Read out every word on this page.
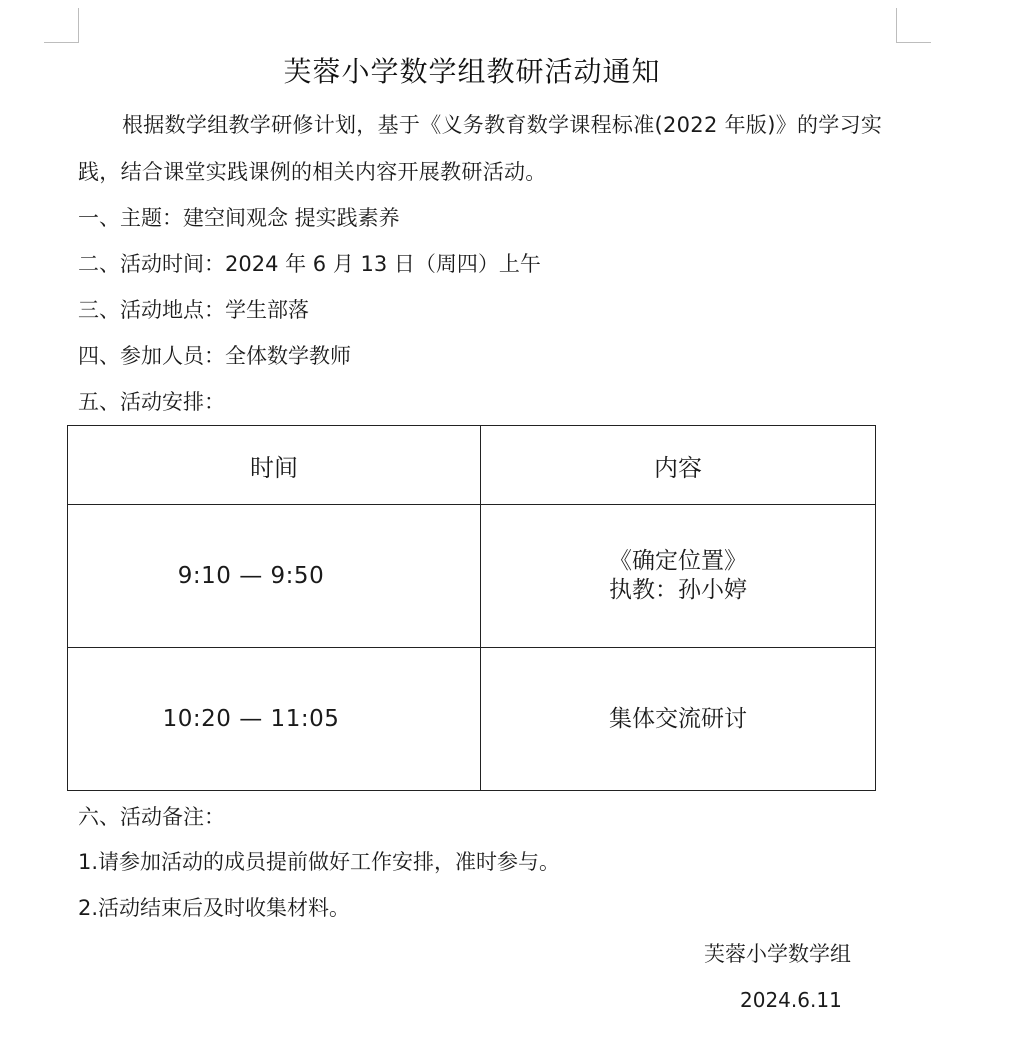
芙蓉小学数学组教研活动通知
根据数学组教学研修计划，基于《义务教育数学课程标准(2022 年版)》的学习实践，结合课堂实践课例的相关内容开展教研活动。
一、主题：建空间观念 提实践素养
二、活动时间：2024 年 6 月 13 日（周四）上午
三、活动地点：学生部落
四、参加人员：全体数学教师
五、活动安排：
时间	内容
9:10 — 9:50	《确定位置》
执教：孙小婷

10:20 — 11:05	集体交流研讨
六、活动备注：
1.请参加活动的成员提前做好工作安排，准时参与。
2.活动结束后及时收集材料。
芙蓉小学数学组
2024.6.11
